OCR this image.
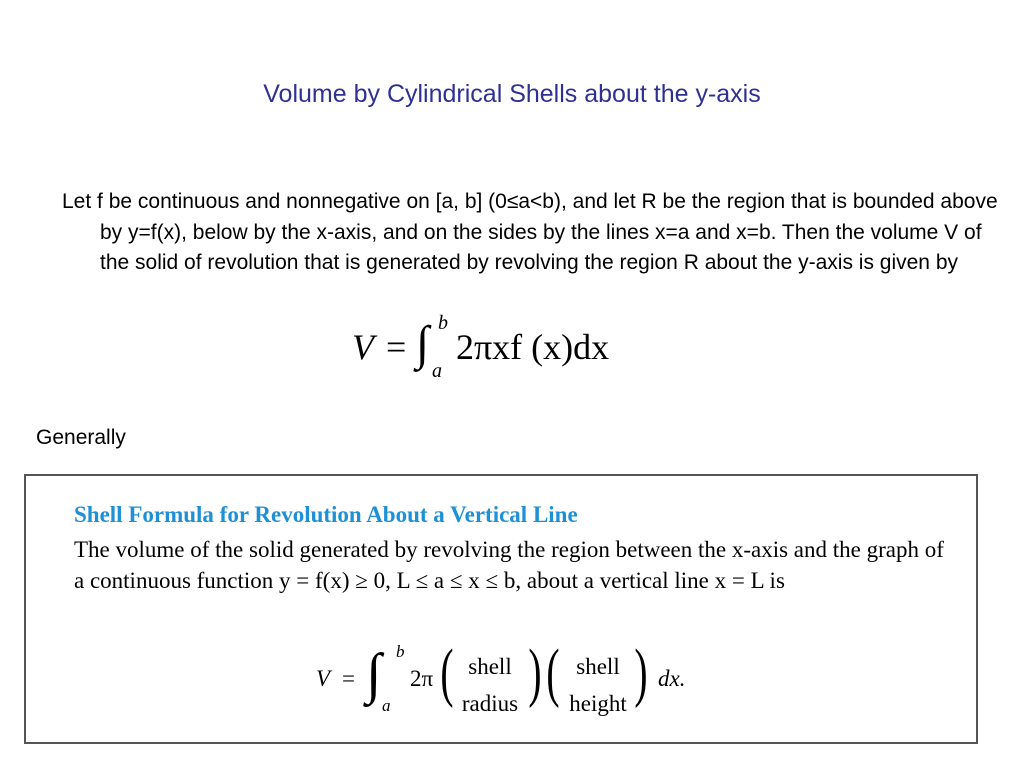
Volume by Cylindrical Shells about the y-axis
Let f be continuous and nonnegative on [a, b] (0≤a<b), and let R be the region that is bounded above by y=f(x), below by the x-axis, and on the sides by the lines x=a and x=b. Then the volume V of the solid of revolution that is generated by revolving the region R about the y-axis is given by
V = ∫ b
a
2πxf (x)dx
Generally
Shell Formula for Revolution About a Vertical Line
The volume of the solid generated by revolving the region between the x-axis and the graph of a continuous function y = f(x) ≥ 0, L ≤ a ≤ x ≤ b, about a vertical line x = L is
V = ∫ b
a
2π ( shell
radius ) ( shell
height ) dx.
